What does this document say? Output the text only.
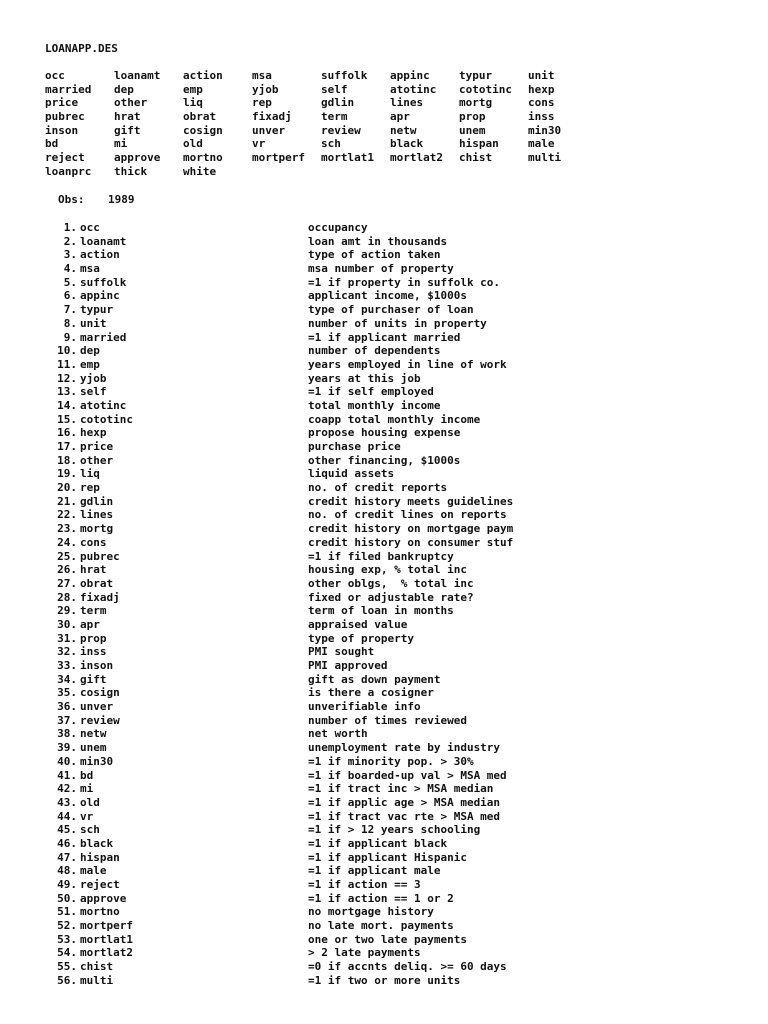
LOANAPP.DES
occ	loanamt	action	msa	suffolk	appinc	typur	unit
married	dep	emp	yjob	self	atotinc	cototinc	hexp
price	other	liq	rep	gdlin	lines	mortg	cons
pubrec	hrat	obrat	fixadj	term	apr	prop	inss
inson	gift	cosign	unver	review	netw	unem	min30
bd	mi	old	vr	sch	black	hispan	male
reject	approve	mortno	mortperf	mortlat1	mortlat2	chist	multi
loanprc	thick	white
Obs: 1989
1. occ	occupancy
2. loanamt	loan amt in thousands
3. action	type of action taken
4. msa	msa number of property
5. suffolk	=1 if property in suffolk co.
6. appinc	applicant income, $1000s
7. typur	type of purchaser of loan
8. unit	number of units in property
9. married	=1 if applicant married
10. dep	number of dependents
11. emp	years employed in line of work
12. yjob	years at this job
13. self	=1 if self employed
14. atotinc	total monthly income
15. cototinc	coapp total monthly income
16. hexp	propose housing expense
17. price	purchase price
18. other	other financing, $1000s
19. liq	liquid assets
20. rep	no. of credit reports
21. gdlin	credit history meets guidelines
22. lines	no. of credit lines on reports
23. mortg	credit history on mortgage paym
24. cons	credit history on consumer stuf
25. pubrec	=1 if filed bankruptcy
26. hrat	housing exp, % total inc
27. obrat	other oblgs,  % total inc
28. fixadj	fixed or adjustable rate?
29. term	term of loan in months
30. apr	appraised value
31. prop	type of property
32. inss	PMI sought
33. inson	PMI approved
34. gift	gift as down payment
35. cosign	is there a cosigner
36. unver	unverifiable info
37. review	number of times reviewed
38. netw	net worth
39. unem	unemployment rate by industry
40. min30	=1 if minority pop. > 30%
41. bd	=1 if boarded-up val > MSA med
42. mi	=1 if tract inc > MSA median
43. old	=1 if applic age > MSA median
44. vr	=1 if tract vac rte > MSA med
45. sch	=1 if > 12 years schooling
46. black	=1 if applicant black
47. hispan	=1 if applicant Hispanic
48. male	=1 if applicant male
49. reject	=1 if action == 3
50. approve	=1 if action == 1 or 2
51. mortno	no mortgage history
52. mortperf	no late mort. payments
53. mortlat1	one or two late payments
54. mortlat2	> 2 late payments
55. chist	=0 if accnts deliq. >= 60 days
56. multi	=1 if two or more units
